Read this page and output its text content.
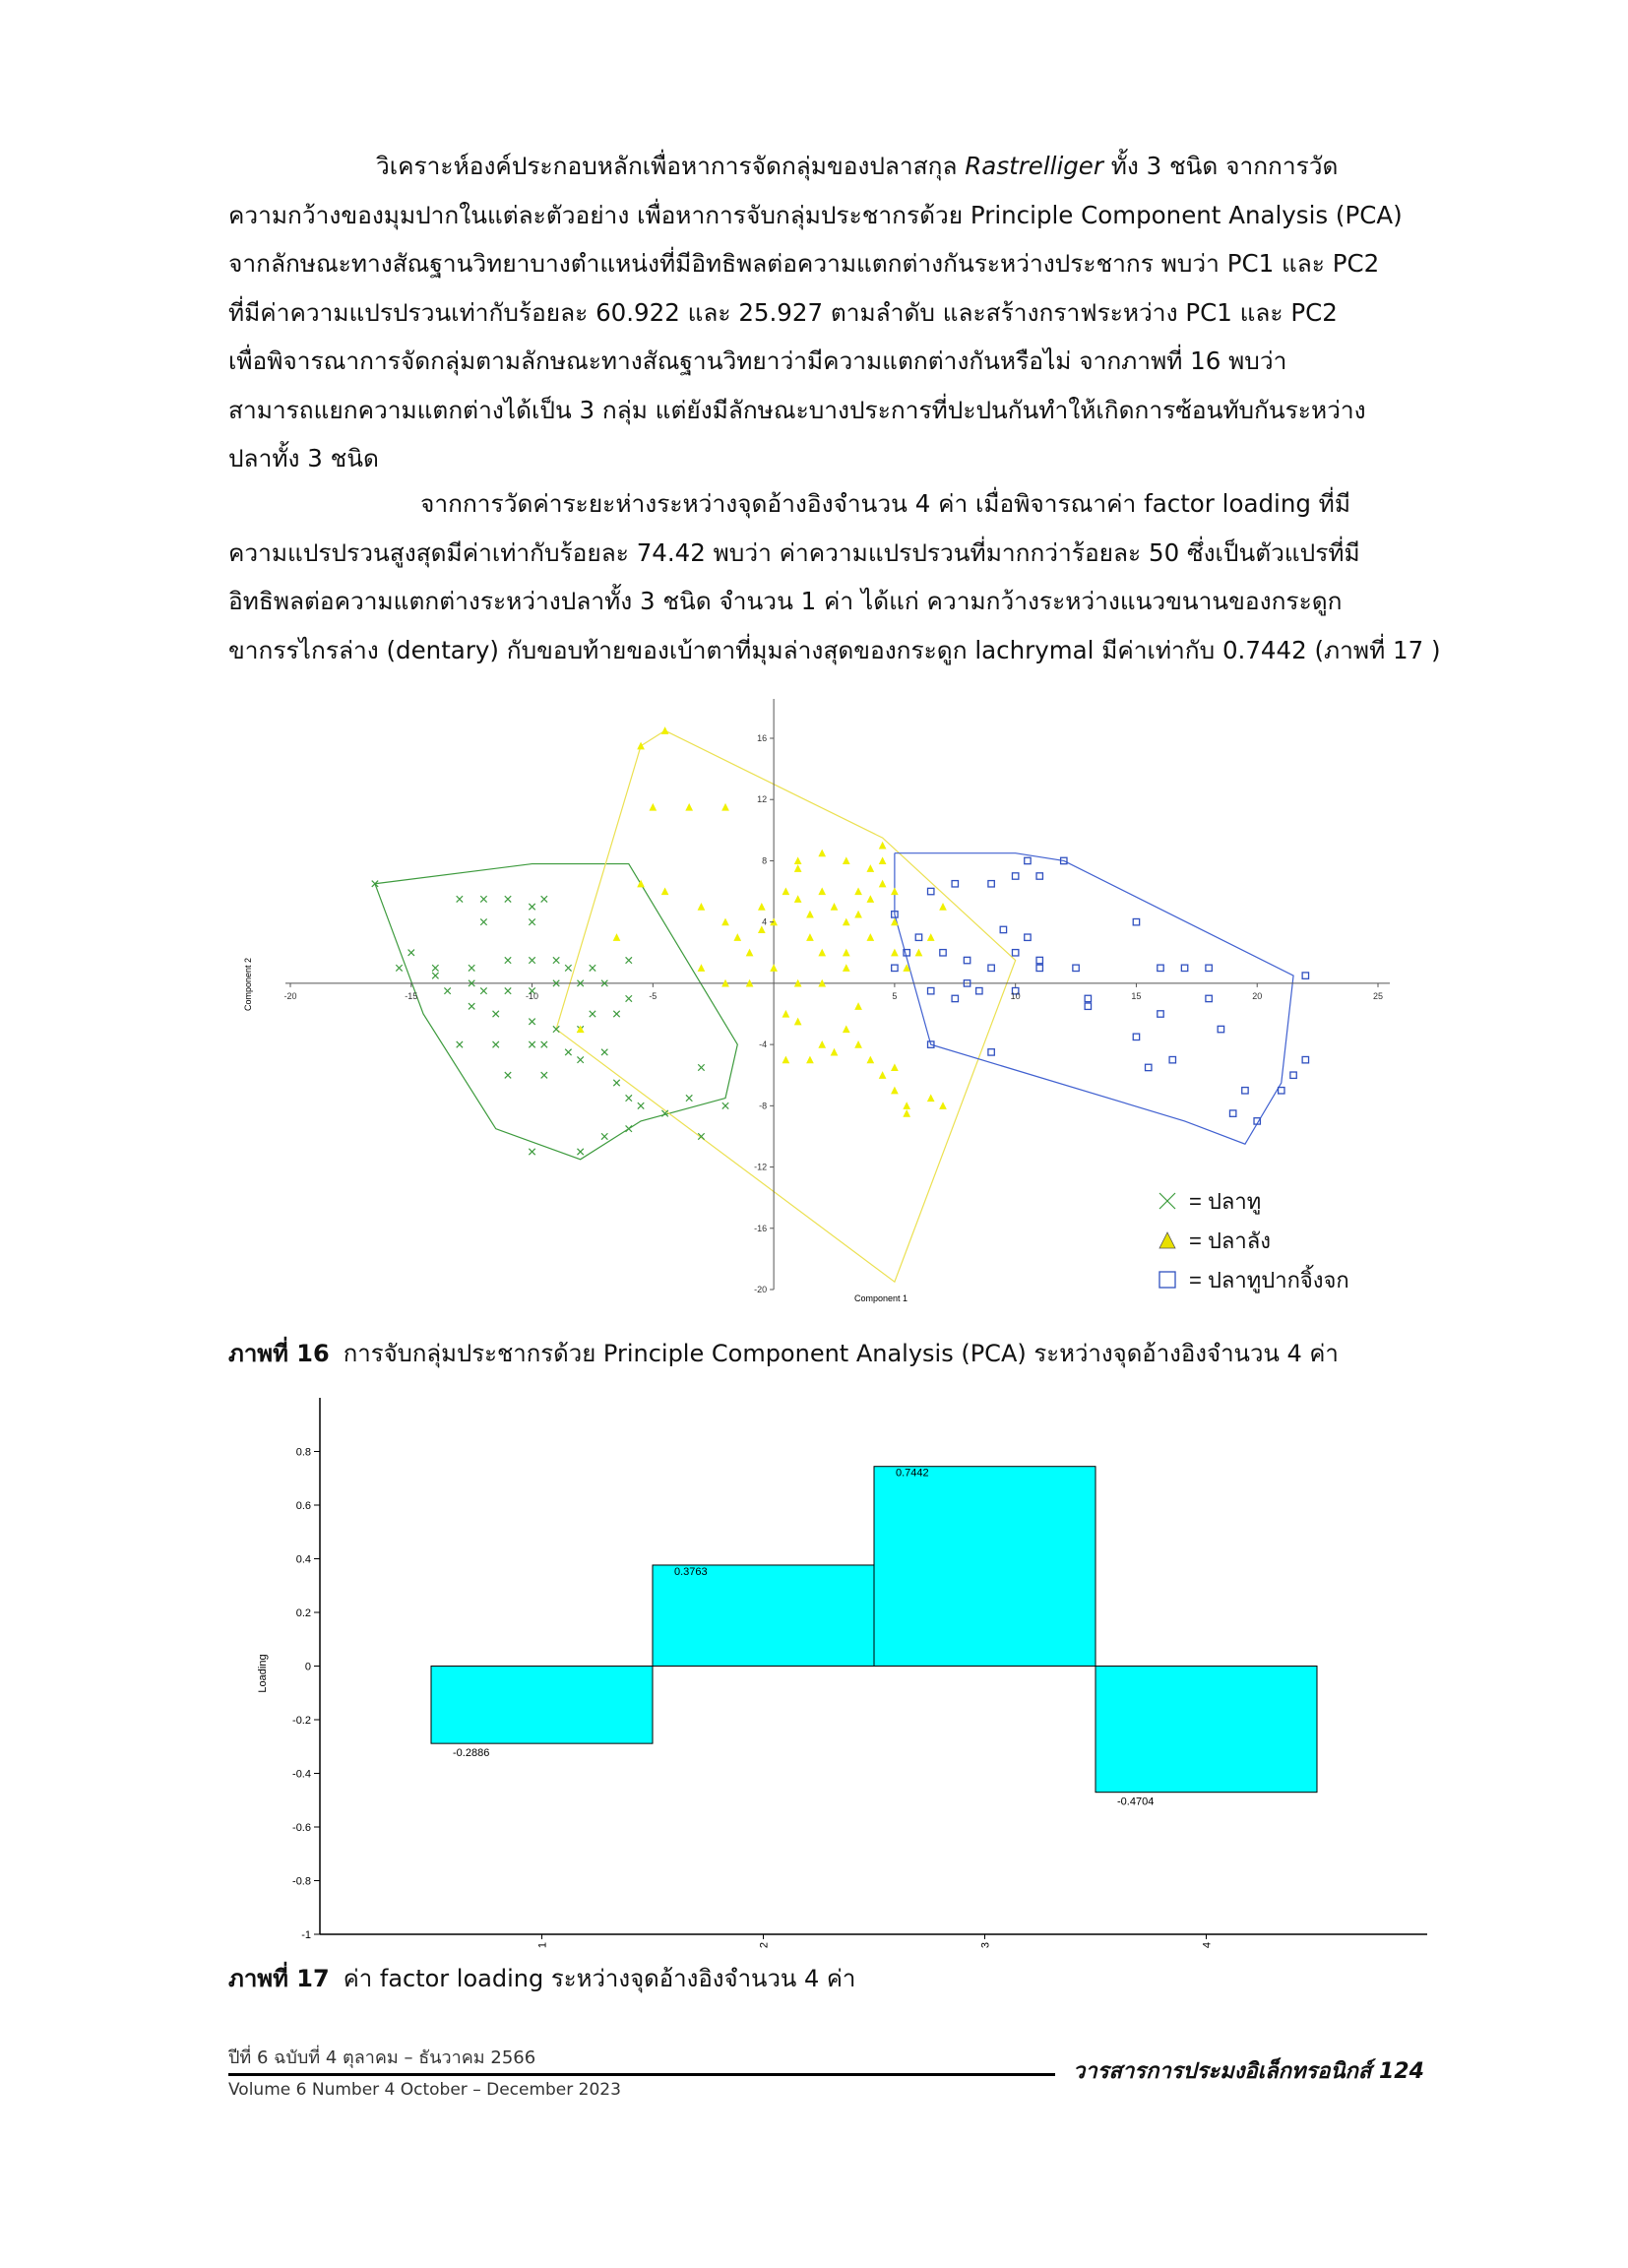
วิเคราะห์องค์ประกอบหลักเพื่อหาการจัดกลุ่มของปลาสกุล Rastrelliger ทั้ง 3 ชนิด จากการวัด
ความกว้างของมุมปากในแต่ละตัวอย่าง เพื่อหาการจับกลุ่มประชากรด้วย Principle Component Analysis (PCA)
จากลักษณะทางสัณฐานวิทยาบางตำแหน่งที่มีอิทธิพลต่อความแตกต่างกันระหว่างประชากร พบว่า PC1 และ PC2
ที่มีค่าความแปรปรวนเท่ากับร้อยละ 60.922 และ 25.927 ตามลำดับ และสร้างกราฟระหว่าง PC1 และ PC2
เพื่อพิจารณาการจัดกลุ่มตามลักษณะทางสัณฐานวิทยาว่ามีความแตกต่างกันหรือไม่ จากภาพที่ 16 พบว่า
สามารถแยกความแตกต่างได้เป็น 3 กลุ่ม แต่ยังมีลักษณะบางประการที่ปะปนกันทำให้เกิดการซ้อนทับกันระหว่าง
ปลาทั้ง 3 ชนิด

จากการวัดค่าระยะห่างระหว่างจุดอ้างอิงจำนวน 4 ค่า เมื่อพิจารณาค่า factor loading ที่มี
ความแปรปรวนสูงสุดมีค่าเท่ากับร้อยละ 74.42 พบว่า ค่าความแปรปรวนที่มากกว่าร้อยละ 50 ซึ่งเป็นตัวแปรที่มี
อิทธิพลต่อความแตกต่างระหว่างปลาทั้ง 3 ชนิด จำนวน 1 ค่า ได้แก่ ความกว้างระหว่างแนวขนานของกระดูก
ขากรรไกรล่าง (dentary) กับขอบท้ายของเบ้าตาที่มุมล่างสุดของกระดูก lachrymal มีค่าเท่ากับ 0.7442 (ภาพที่ 17 )

-20	-15	-10	-5	5	10	15	20	25
16
12
8
4
-4
-8
-12
-16
-20
Component 1
Component 2
= ปลาทู
= ปลาลัง
= ปลาทูปากจิ้งจก
ภาพที่ 16 การจับกลุ่มประชากรด้วย Principle Component Analysis (PCA) ระหว่างจุดอ้างอิงจำนวน 4 ค่า
0.8
0.6
0.4
0.2
0
-0.2
-0.4
-0.6
-0.8
-1
-0.2886
1
0.3763
2
0.7442
3
-0.4704
4
Loading
ภาพที่ 17 ค่า factor loading ระหว่างจุดอ้างอิงจำนวน 4 ค่า
ปีที่ 6 ฉบับที่ 4 ตุลาคม – ธันวาคม 2566
Volume 6 Number 4 October – December 2023
วารสารการประมงอิเล็กทรอนิกส์ 124
